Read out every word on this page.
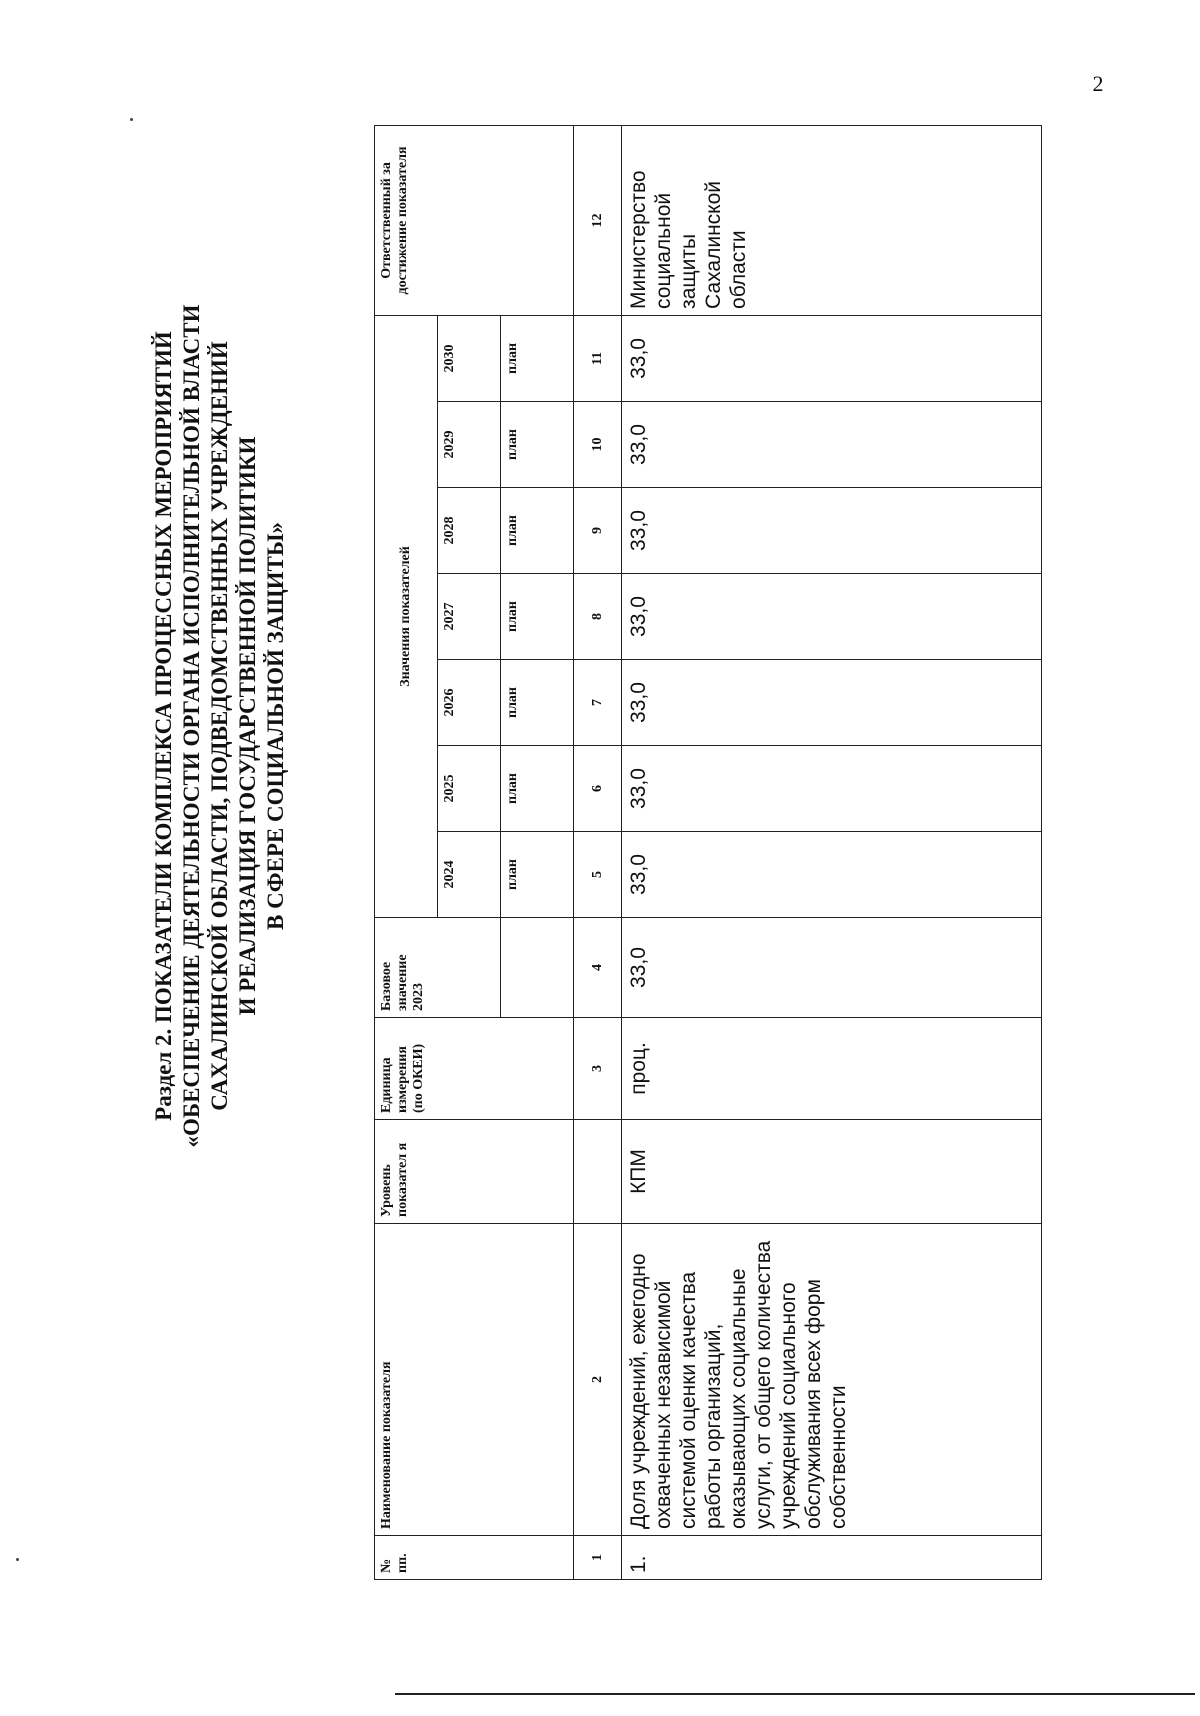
2
Раздел 2. ПОКАЗАТЕЛИ КОМПЛЕКСА ПРОЦЕССНЫХ МЕРОПРИЯТИЙ «ОБЕСПЕЧЕНИЕ ДЕЯТЕЛЬНОСТИ ОРГАНА ИСПОЛНИТЕЛЬНОЙ ВЛАСТИ САХАЛИНСКОЙ ОБЛАСТИ, ПОДВЕДОМСТВЕННЫХ УЧРЕЖДЕНИЙ И РЕАЛИЗАЦИЯ ГОСУДАРСТВЕННОЙ ПОЛИТИКИ В СФЕРЕ СОЦИАЛЬНОЙ ЗАЩИТЫ»
№ пп.	Наименование показателя	Уровень показател я	Единица измерения (по ОКЕИ)	Базовое значение 2023	Значения показателей							Ответственный за достижение показателя
					2024	2025	2026	2027	2028	2029	2030	
					план	план	план	план	план	план	план	
1	2		3	4	5	6	7	8	9	10	11	12
1.	Доля учреждений, ежегодно охваченных независимой системой оценки качества работы организаций, оказывающих социальные услуги, от общего количества учреждений социального обслуживания всех форм собственности	КПМ	проц.	33,0	33,0	33,0	33,0	33,0	33,0	33,0	33,0	Министерство социальной защиты Сахалинской области
